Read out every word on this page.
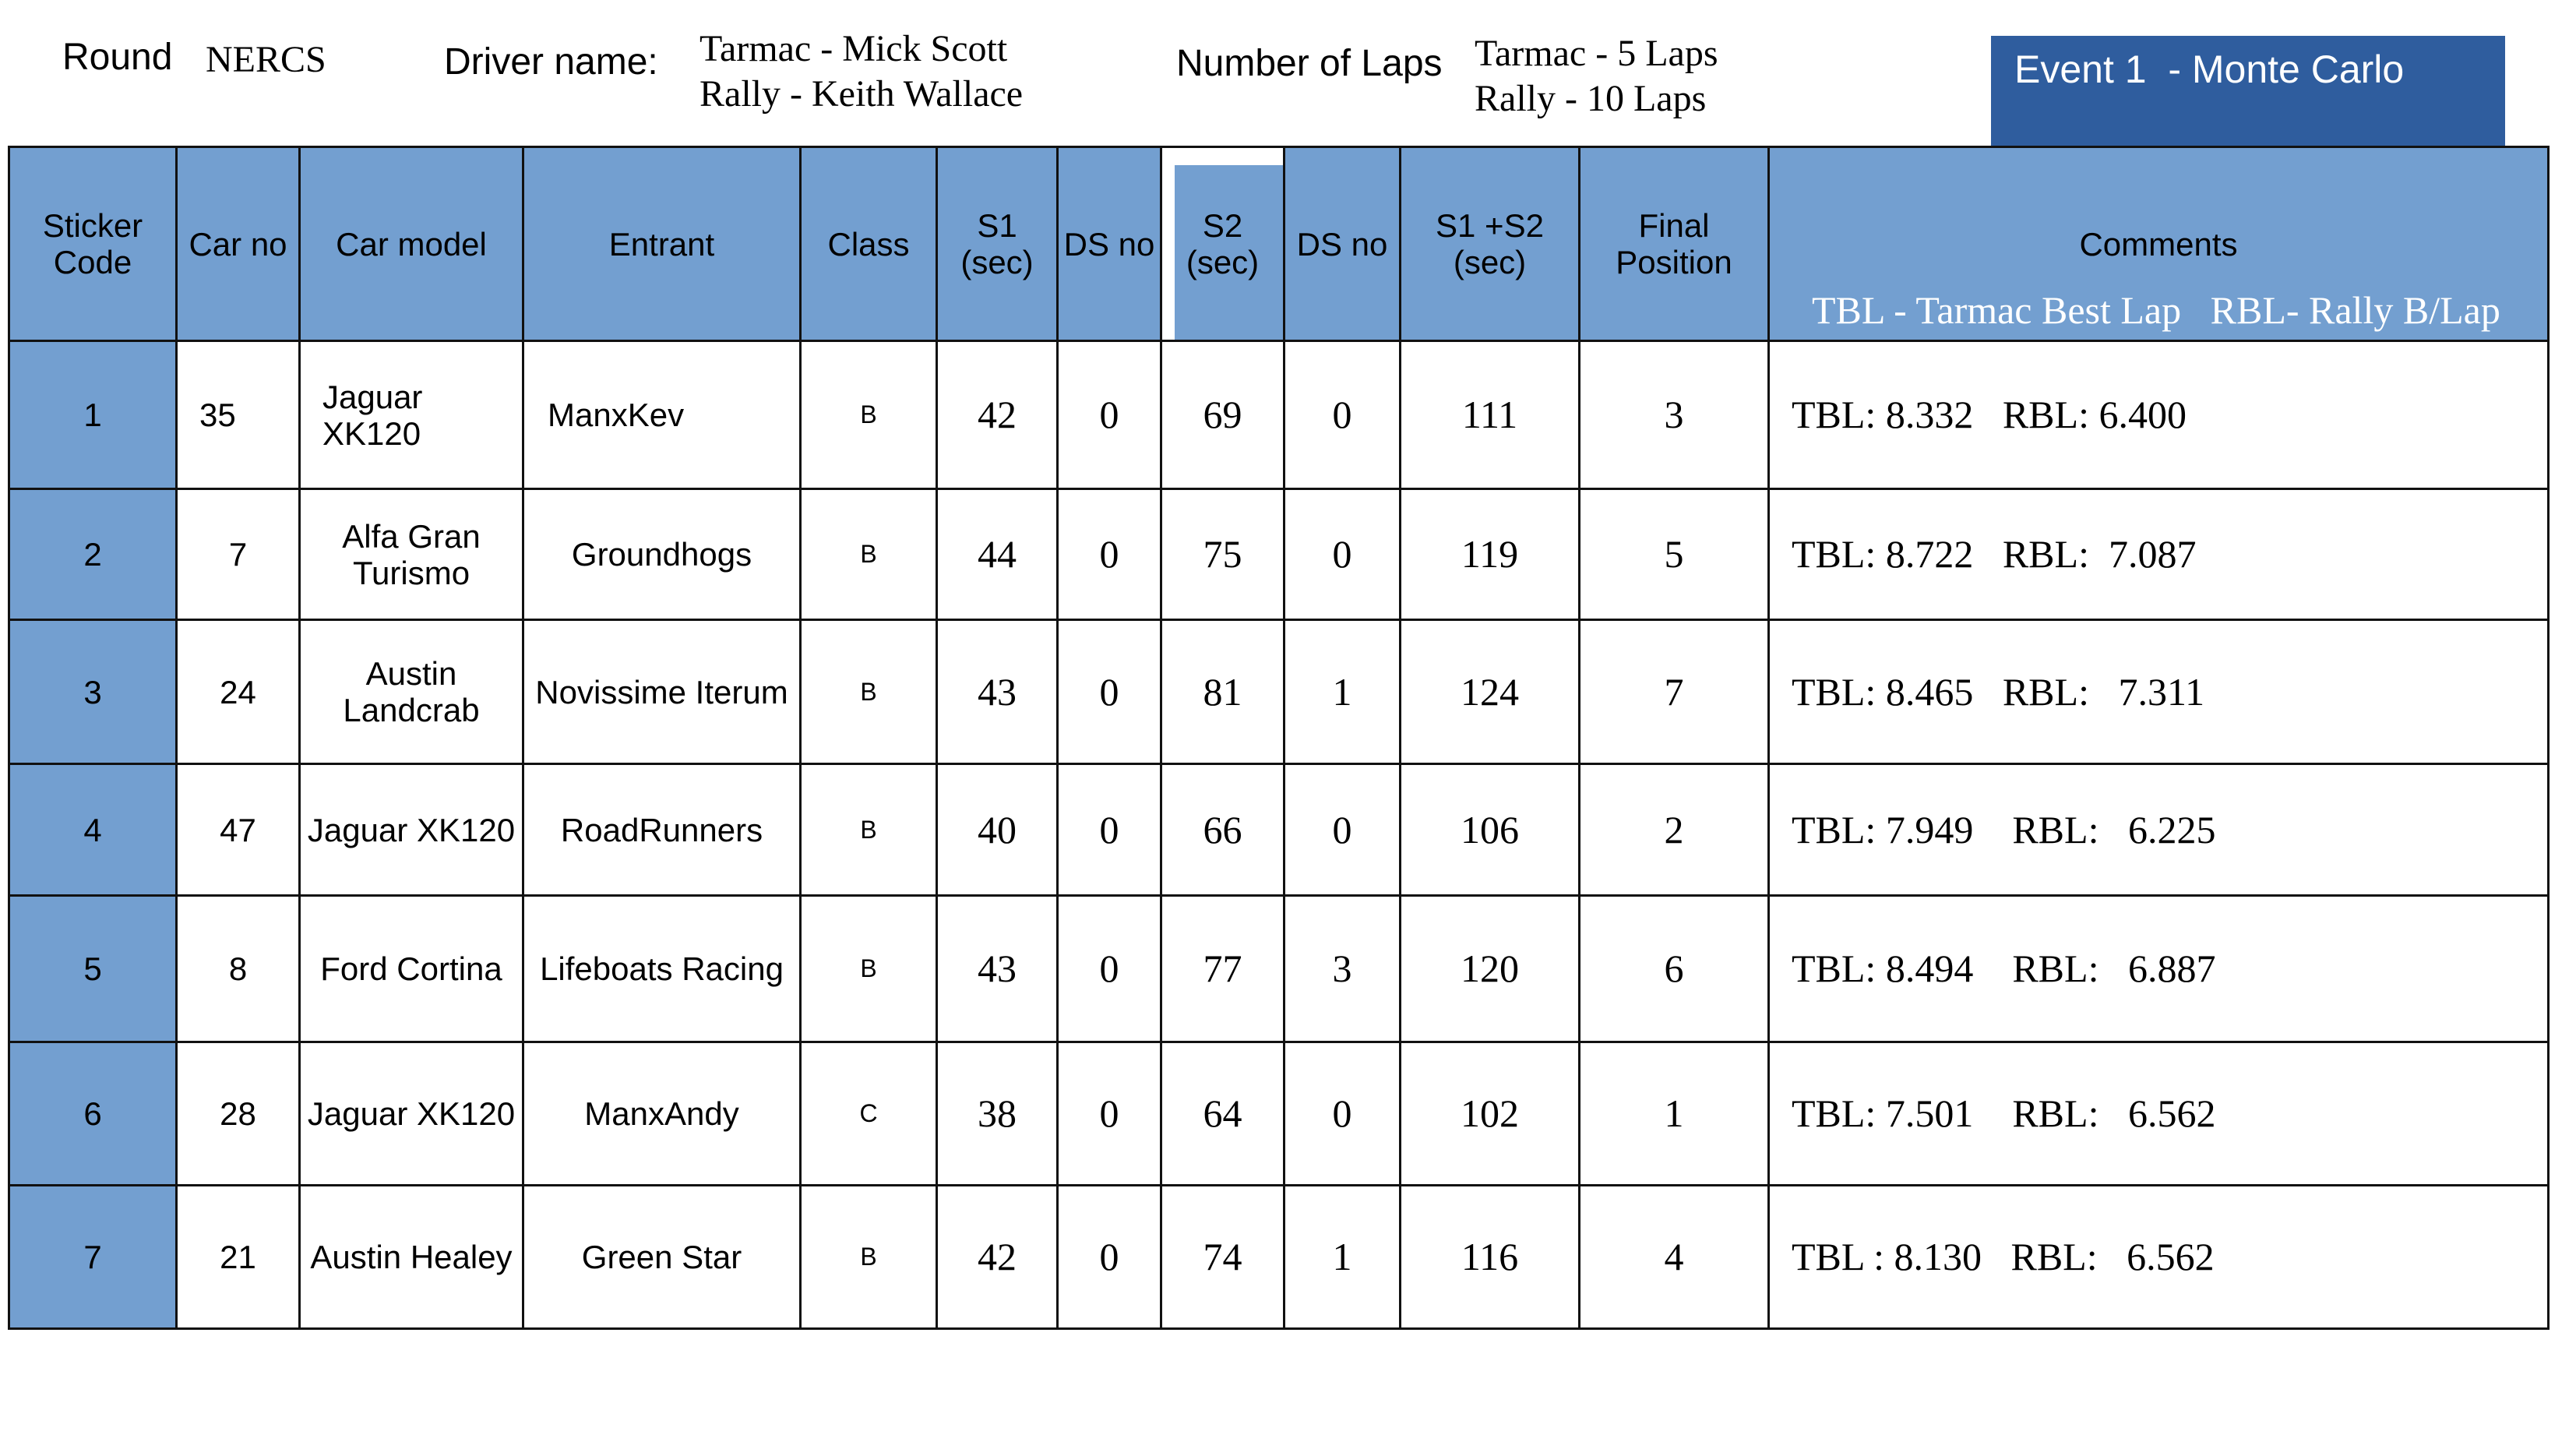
Round NERCS	Driver name: Tarmac - Mick Scott
Rally - Keith Wallace
Number of Laps Tarmac - 5 Laps
Rally - 10 Laps
Event 1  - Monte Carlo
Sticker Code	Car no	Car model	Entrant	Class	S1 (sec)	DS no	S2 (sec)	DS no	S1 +S2 (sec)	Final Position	Comments
TBL - Tarmac Best Lap   RBL- Rally B/Lap

1	35	Jaguar XK120	ManxKev	B	42	0	69	0	111	3	TBL: 8.332   RBL: 6.400
2	7	Alfa Gran Turismo	Groundhogs	B	44	0	75	0	119	5	TBL: 8.722   RBL:  7.087
3	24	Austin Landcrab	Novissime Iterum	B	43	0	81	1	124	7	TBL: 8.465   RBL:   7.311
4	47	Jaguar XK120	RoadRunners	B	40	0	66	0	106	2	TBL: 7.949    RBL:   6.225
5	8	Ford Cortina	Lifeboats Racing	B	43	0	77	3	120	6	TBL: 8.494    RBL:   6.887
6	28	Jaguar XK120	ManxAndy	C	38	0	64	0	102	1	TBL: 7.501    RBL:   6.562
7	21	Austin Healey	Green Star	B	42	0	74	1	116	4	TBL : 8.130   RBL:   6.562
